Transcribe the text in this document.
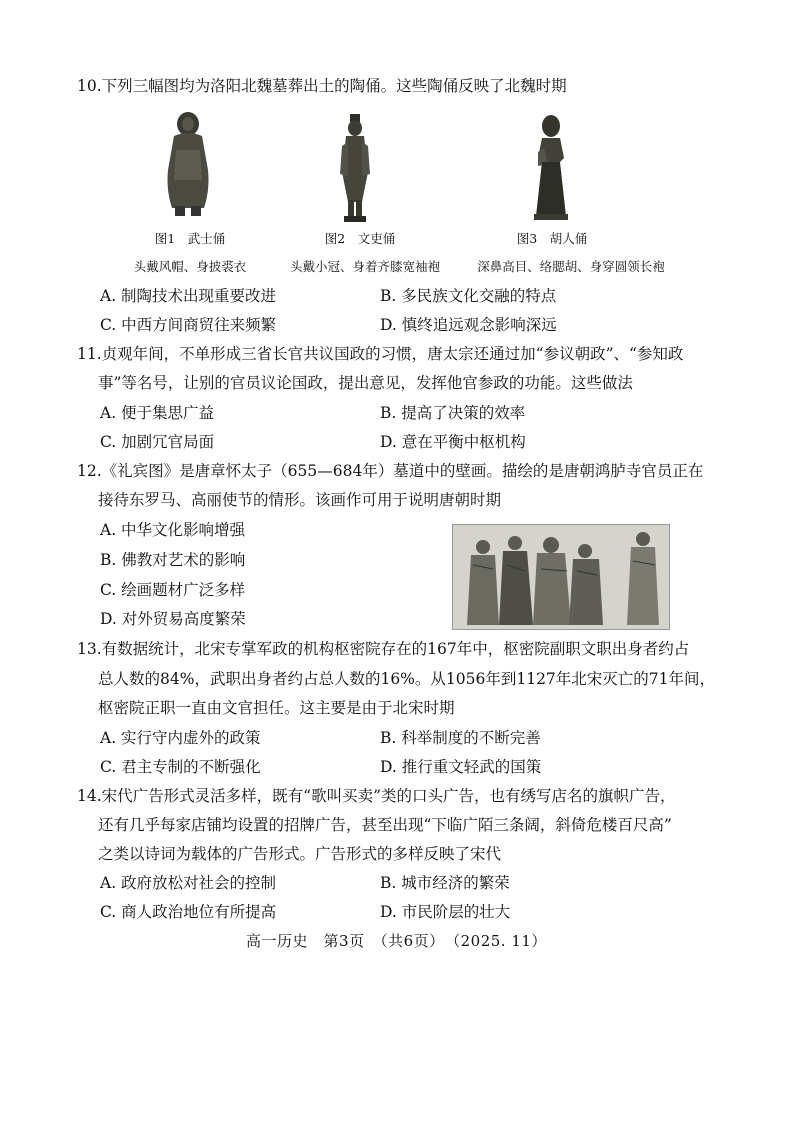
10.下列三幅图均为洛阳北魏墓葬出土的陶俑。这些陶俑反映了北魏时期
图1　武士俑	图2　文吏俑	图3　胡人俑
头戴风帽、身披裘衣	头戴小冠、身着齐膝宽袖袍	深鼻高目、络腮胡、身穿圆领长袍
A. 制陶技术出现重要改进	B. 多民族文化交融的特点
C. 中西方间商贸往来频繁	D. 慎终追远观念影响深远
11.贞观年间，不单形成三省长官共议国政的习惯，唐太宗还通过加“参议朝政”、“参知政
事”等名号，让别的官员议论国政，提出意见，发挥他官参政的功能。这些做法
A. 便于集思广益	B. 提高了决策的效率
C. 加剧冗官局面	D. 意在平衡中枢机构
12.《礼宾图》是唐章怀太子（655—684年）墓道中的壁画。描绘的是唐朝鸿胪寺官员正在
接待东罗马、高丽使节的情形。该画作可用于说明唐朝时期
A. 中华文化影响增强
B. 佛教对艺术的影响
C. 绘画题材广泛多样
D. 对外贸易高度繁荣
13.有数据统计，北宋专掌军政的机构枢密院存在的167年中，枢密院副职文职出身者约占
总人数的84%，武职出身者约占总人数的16%。从1056年到1127年北宋灭亡的71年间，
枢密院正职一直由文官担任。这主要是由于北宋时期
A. 实行守内虚外的政策	B. 科举制度的不断完善
C. 君主专制的不断强化	D. 推行重文轻武的国策
14.宋代广告形式灵活多样，既有“歌叫买卖”类的口头广告，也有绣写店名的旗帜广告，
还有几乎每家店铺均设置的招牌广告，甚至出现“下临广陌三条阔，斜倚危楼百尺高”
之类以诗词为载体的广告形式。广告形式的多样反映了宋代
A. 政府放松对社会的控制	B. 城市经济的繁荣
C. 商人政治地位有所提高	D. 市民阶层的壮大
高一历史　第3页　（共6页）　（2025. 11）
